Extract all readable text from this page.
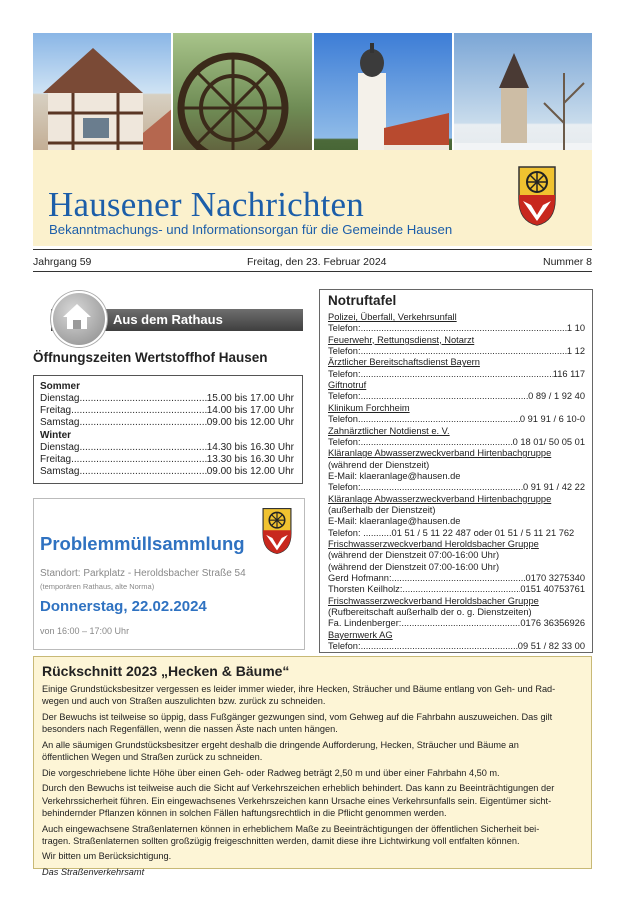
Hausener Nachrichten
Bekanntmachungs- und Informationsorgan für die Gemeinde Hausen
Jahrgang 59	Freitag, den 23. Februar 2024	Nummer 8
Aus dem Rathaus
Öffnungszeiten Wertstoffhof Hausen
Sommer
Dienstag .....	15.00 bis 17.00 Uhr
Freitag .....	14.00 bis 17.00 Uhr
Samstag .....	09.00 bis 12.00 Uhr
Winter
Dienstag .....	14.30 bis 16.30 Uhr
Freitag .....	13.30 bis 16.30 Uhr
Samstag .....	09.00 bis 12.00 Uhr
Problemmüllsammlung
Standort: Parkplatz - Heroldsbacher Straße 54
(temporären Rathaus, alte Norma)
Donnerstag, 22.02.2024
von 16:00 – 17:00 Uhr
Notruftafel
Polizei, Überfall, Verkehrsunfall
Telefon: .....	1 10
Feuerwehr, Rettungsdienst, Notarzt
Telefon: .....	1 12
Ärztlicher Bereitschaftsdienst Bayern
Telefon: .....	116 117
Giftnotruf
Telefon: .....	0 89 / 1 92 40
Klinikum Forchheim
Telefon .....	0 91 91 / 6 10-0
Zahnärztlicher Notdienst e. V.
Telefon: .....	0 18 01/ 50 05 01
Kläranlage Abwasserzweckverband Hirtenbachgruppe
(während der Dienstzeit)
E-Mail: klaeranlage@hausen.de
Telefon: .....	0 91 91 / 42 22
Kläranlage Abwasserzweckverband Hirtenbachgruppe
(außerhalb der Dienstzeit)
E-Mail: klaeranlage@hausen.de
Telefon: ...........01 51 / 5 11 22 487 oder 01 51 / 5 11 21 762
Frischwasserzweckverband Heroldsbacher Gruppe
(während der Dienstzeit 07:00-16:00 Uhr)
(während der Dienstzeit 07:00-16:00 Uhr)
Gerd Hofmann: .....	0170 3275340
Thorsten Keilholz: .....	0151 40753761
Frischwasserzweckverband Heroldsbacher Gruppe
(Rufbereitschaft außerhalb der o. g. Dienstzeiten)
Fa. Lindenberger: .....	0176 36356926
Bayernwerk AG
Telefon: .....	09 51 / 82 33 00
Rückschnitt 2023 „Hecken & Bäume“
Einige Grundstücksbesitzer vergessen es leider immer wieder, ihre Hecken, Sträucher und Bäume entlang von Geh- und Rad-
wegen und auch von Straßen auszulichten bzw. zurück zu schneiden.
Der Bewuchs ist teilweise so üppig, dass Fußgänger gezwungen sind, vom Gehweg auf die Fahrbahn auszuweichen. Das gilt
besonders nach Regenfällen, wenn die nassen Äste nach unten hängen.
An alle säumigen Grundstücksbesitzer ergeht deshalb die dringende Aufforderung, Hecken, Sträucher und Bäume an
öffentlichen Wegen und Straßen zurück zu schneiden.
Die vorgeschriebene lichte Höhe über einen Geh- oder Radweg beträgt 2,50 m und über einer Fahrbahn 4,50 m.
Durch den Bewuchs ist teilweise auch die Sicht auf Verkehrszeichen erheblich behindert. Das kann zu Beeinträchtigungen der
Verkehrssicherheit führen. Ein eingewachsenes Verkehrszeichen kann Ursache eines Verkehrsunfalls sein. Eigentümer sicht-
behindernder Pflanzen können in solchen Fällen haftungsrechtlich in die Pflicht genommen werden.
Auch eingewachsene Straßenlaternen können in erheblichem Maße zu Beeinträchtigungen der öffentlichen Sicherheit bei-
tragen. Straßenlaternen sollten großzügig freigeschnitten werden, damit diese ihre Lichtwirkung voll entfalten können.
Wir bitten um Berücksichtigung.
Das Straßenverkehrsamt
